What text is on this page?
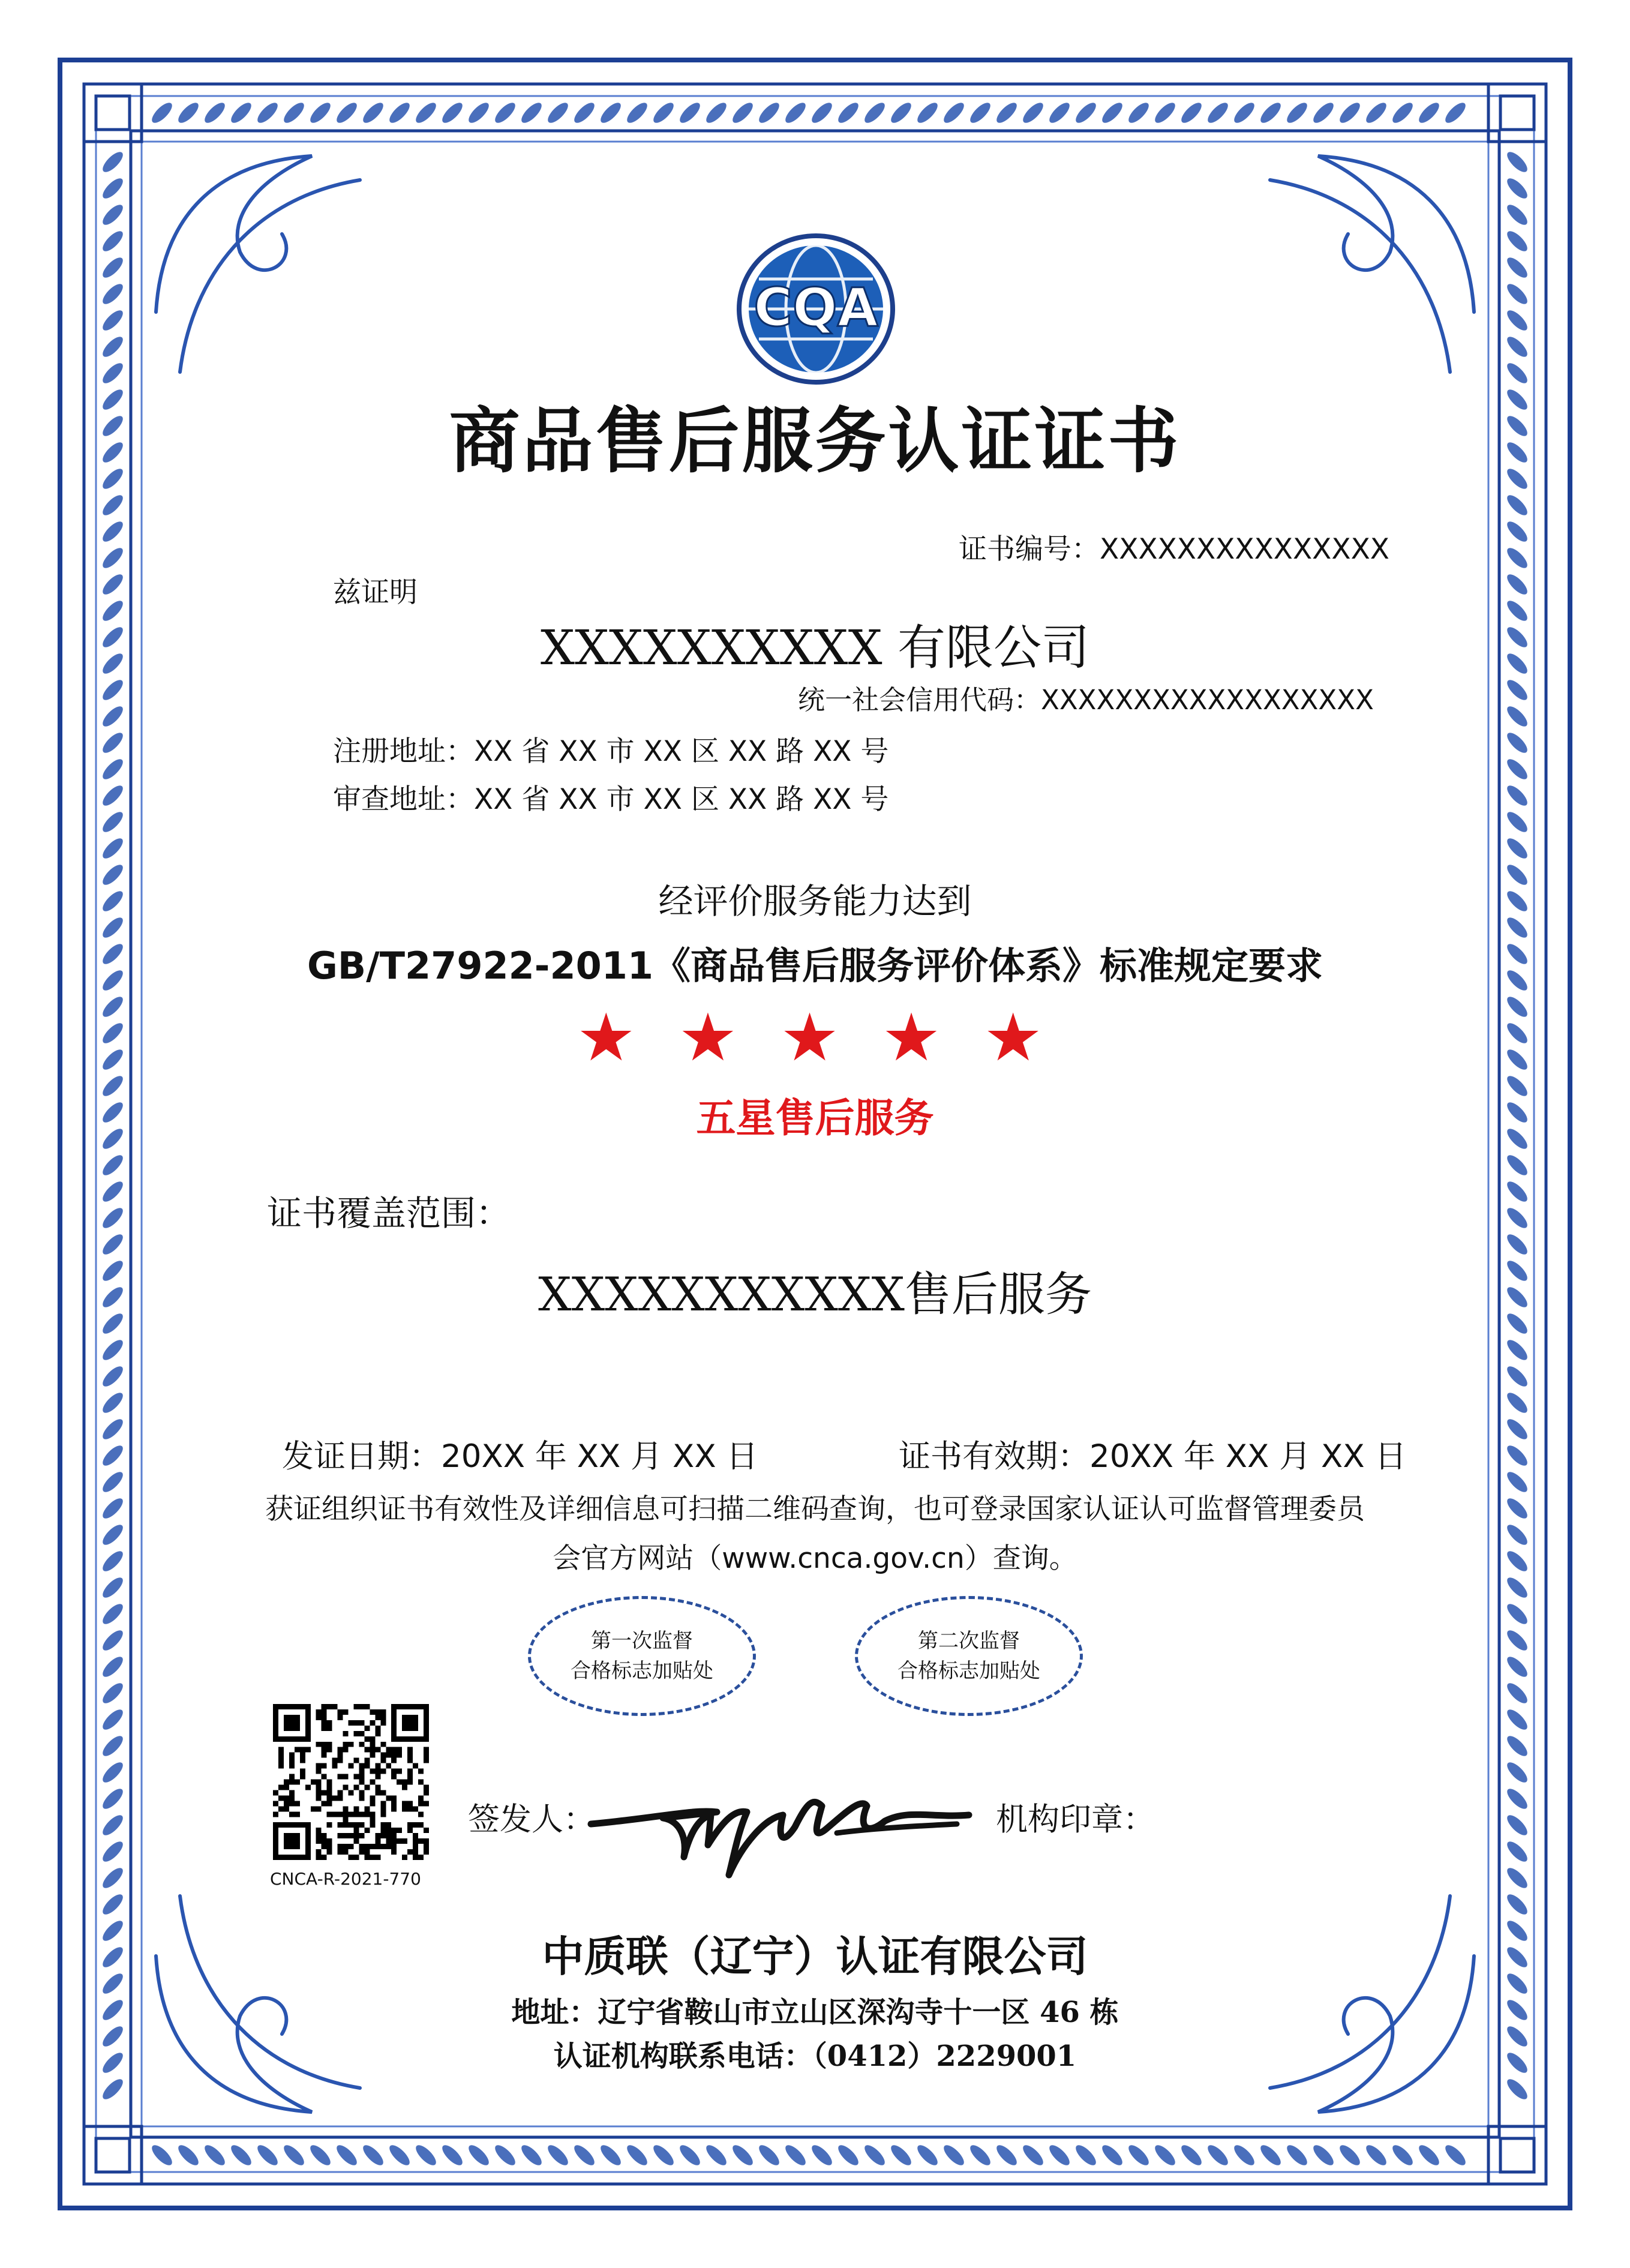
CQA
商品售后服务认证证书
证书编号：XXXXXXXXXXXXXXX
兹证明
XXXXXXXXXX 有限公司
统一社会信用代码：XXXXXXXXXXXXXXXXXX
注册地址：XX 省 XX 市 XX 区 XX 路 XX 号
审查地址：XX 省 XX 市 XX 区 XX 路 XX 号
经评价服务能力达到
GB/T27922-2011《商品售后服务评价体系》标准规定要求
★ ★ ★ ★ ★
五星售后服务
证书覆盖范围：
XXXXXXXXXXX售后服务
发证日期：20XX 年 XX 月 XX 日	证书有效期：20XX 年 XX 月 XX 日
获证组织证书有效性及详细信息可扫描二维码查询，也可登录国家认证认可监督管理委员
会官方网站（www.cnca.gov.cn）查询。
第一次监督
合格标志加贴处
第二次监督
合格标志加贴处
CNCA-R-2021-770
签发人：	机构印章：
中质联（辽宁）认证有限公司
地址：辽宁省鞍山市立山区深沟寺十一区 46 栋
认证机构联系电话：（0412）2229001
